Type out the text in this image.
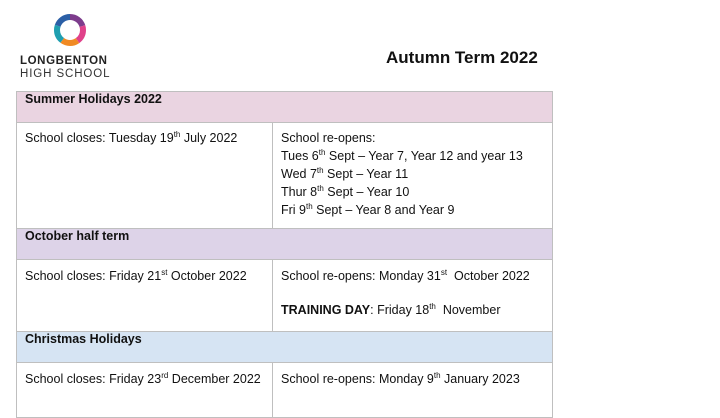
LONGBENTON
HIGH SCHOOL
Autumn Term 2022
Summer Holidays 2022	

School closes: Tuesday 19th July 2022	School re-opens:
Tues 6th Sept – Year 7, Year 12 and year 13
Wed 7th Sept – Year 11
Thur 8th Sept – Year 10
Fri 9th Sept – Year 8 and Year 9

October half term	

School closes: Friday 21st October 2022	School re-opens: Monday 31st  October 2022
TRAINING DAY: Friday 18th  November

Christmas Holidays	

School closes: Friday 23rd December 2022	School re-opens: Monday 9th January 2023
